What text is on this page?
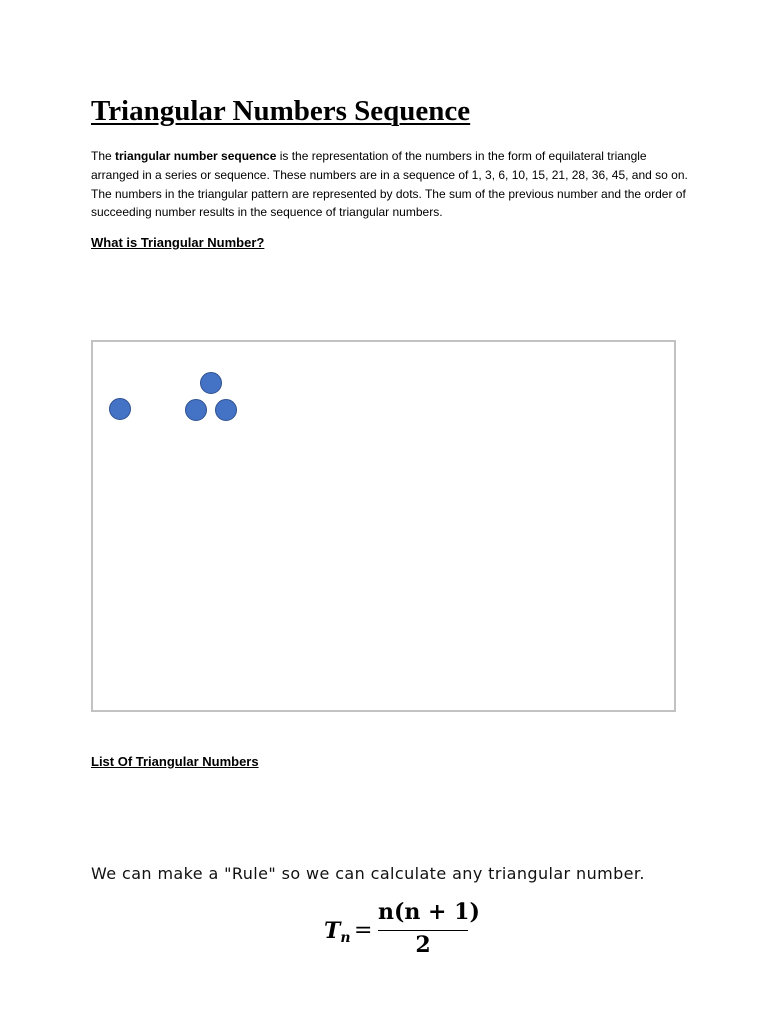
Triangular Numbers Sequence

The triangular number sequence is the representation of the numbers in the form of equilateral triangle arranged in a series or sequence. These numbers are in a sequence of 1, 3, 6, 10, 15, 21, 28, 36, 45, and so on. The numbers in the triangular pattern are represented by dots. The sum of the previous number and the order of succeeding number results in the sequence of triangular numbers.

What is Triangular Number?
List Of Triangular Numbers

We can make a "Rule" so we can calculate any triangular number.

$T_n$ =
n(n + 1)
2
